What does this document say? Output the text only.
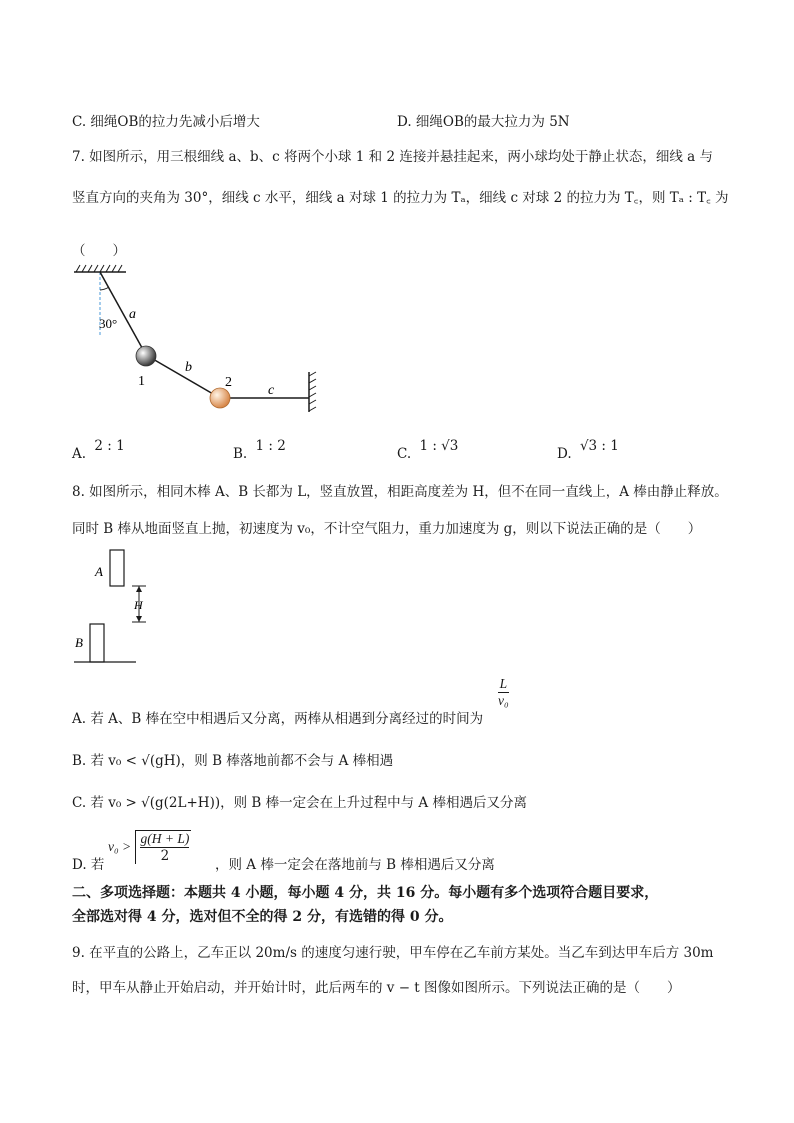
C. 细绳OB的拉力先减小后增大	D. 细绳OB的最大拉力为 5N
7. 如图所示，用三根细线 a、b、c 将两个小球 1 和 2 连接并悬挂起来，两小球均处于静止状态，细线 a 与
竖直方向的夹角为 30°，细线 c 水平，细线 a 对球 1 的拉力为 Tₐ，细线 c 对球 2 的拉力为 T꜀，则 Tₐ : T꜀ 为
（　　）
30°
a
b
c
1	2
A. 2 : 1	B. 1 : 2	C. 1 : √3	D. √3 : 1
8. 如图所示，相同木棒 A、B 长都为 L，竖直放置，相距高度差为 H，但不在同一直线上，A 棒由静止释放。
同时 B 棒从地面竖直上抛，初速度为 v₀，不计空气阻力，重力加速度为 g，则以下说法正确的是（　　）
A
H
B
A. 若 A、B 棒在空中相遇后又分离，两棒从相遇到分离经过的时间为
$\frac{L}{\text{v₀}}$
B. 若 v₀ < √(gH)，则 B 棒落地前都不会与 A 棒相遇
C. 若 v₀ > √(g(2L+H))，则 B 棒一定会在上升过程中与 A 棒相遇后又分离
D. 若
$v_0 > \frac{g(H + L)}{2}$
，则 A 棒一定会在落地前与 B 棒相遇后又分离
二、多项选择题：本题共 4 小题，每小题 4 分，共 16 分。每小题有多个选项符合题目要求，
全部选对得 4 分，选对但不全的得 2 分，有选错的得 0 分。
9. 在平直的公路上，乙车正以 20m/s 的速度匀速行驶，甲车停在乙车前方某处。当乙车到达甲车后方 30m
时，甲车从静止开始启动，并开始计时，此后两车的 v − t 图像如图所示。下列说法正确的是（　　）
